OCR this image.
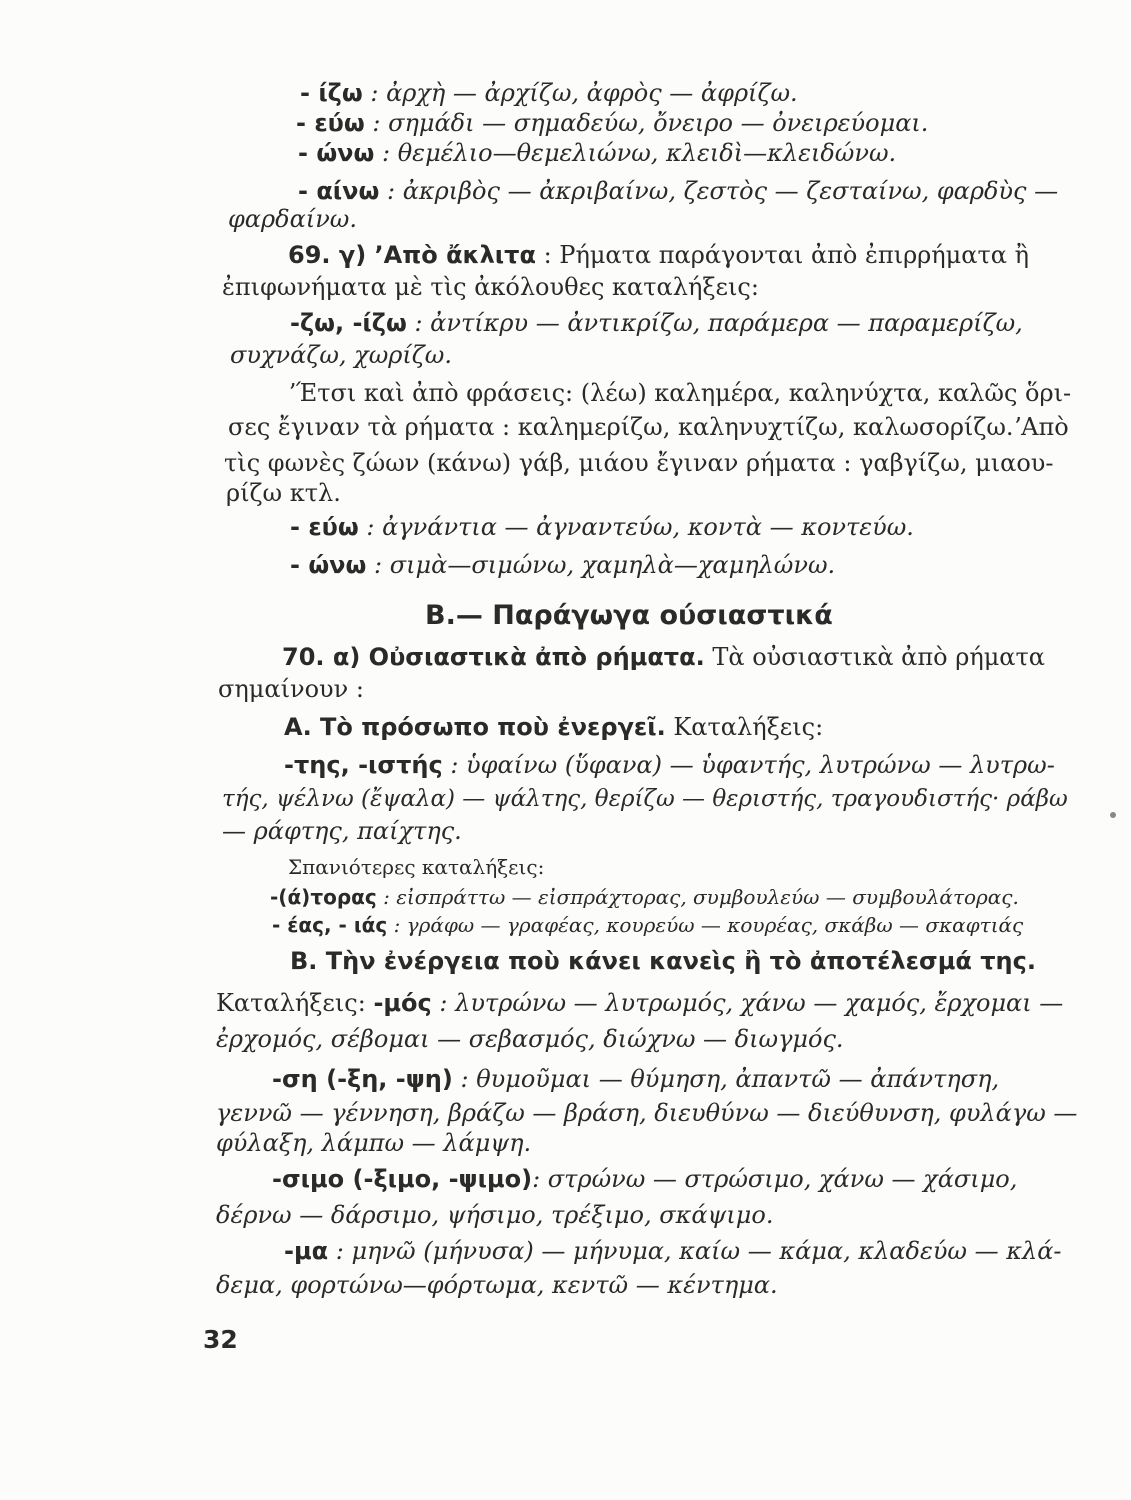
- ίζω : ἀρχὴ — ἀρχίζω, ἀφρὸς — ἀφρίζω.
- εύω : σημάδι — σημαδεύω, ὄνειρο — ὀνειρεύομαι.
- ώνω : θεμέλιο—θεμελιώνω, κλειδὶ—κλειδώνω.
- αίνω : ἀκριβὸς — ἀκριβαίνω, ζεστὸς — ζεσταίνω, φαρδὺς —
φαρδαίνω.
69. γ) ʼΑπὸ ἄκλιτα : Ρήματα παράγονται ἀπὸ ἐπιρρήματα ἢ
ἐπιφωνήματα μὲ τὶς ἀκόλουθες καταλήξεις:
-ζω, -ίζω : ἀντίκρυ — ἀντικρίζω, παράμερα — παραμερίζω,
συχνάζω, χωρίζω.
ʼΈτσι καὶ ἀπὸ φράσεις: (λέω) καλημέρα, καληνύχτα, καλῶς ὅρι-
σες ἔγιναν τὰ ρήματα : καλημερίζω, καληνυχτίζω, καλωσορίζω.ʼΑπὸ
τὶς φωνὲς ζώων (κάνω) γάβ, μιάου ἔγιναν ρήματα : γαβγίζω, μιαου-
ρίζω κτλ.
- εύω : ἀγνάντια — ἀγναντεύω, κοντὰ — κοντεύω.
- ώνω : σιμὰ—σιμώνω, χαμηλὰ—χαμηλώνω.
Β.— Παράγωγα ούσιαστικά
70. α) Οὐσιαστικὰ ἀπὸ ρήματα. Τὰ οὐσιαστικὰ ἀπὸ ρήματα
σημαίνουν :
Α. Τὸ πρόσωπο ποὺ ἐνεργεῖ. Καταλήξεις:
-της, -ιστής : ὑφαίνω (ὕφανα) — ὑφαντής, λυτρώνω — λυτρω-
τής, ψέλνω (ἔψαλα) — ψάλτης, θερίζω — θεριστής, τραγουδιστής· ράβω
— ράφτης, παίχτης.
Σπανιότερες καταλήξεις:
-(ά)τορας : εἰσπράττω — εἰσπράχτορας, συμβουλεύω — συμβουλάτορας.
- έας, - ιάς : γράφω — γραφέας, κουρεύω — κουρέας, σκάβω — σκαφτιάς
Β. Τὴν ἐνέργεια ποὺ κάνει κανεὶς ἢ τὸ ἀποτέλεσμά της.
Καταλήξεις: -μός : λυτρώνω — λυτρωμός, χάνω — χαμός, ἔρχομαι —
ἐρχομός, σέβομαι — σεβασμός, διώχνω — διωγμός.
-ση (-ξη, -ψη) : θυμοῦμαι — θύμηση, ἀπαντῶ — ἀπάντηση,
γεννῶ — γέννηση, βράζω — βράση, διευθύνω — διεύθυνση, φυλάγω —
φύλαξη, λάμπω — λάμψη.
-σιμο (-ξιμο, -ψιμο): στρώνω — στρώσιμο, χάνω — χάσιμο,
δέρνω — δάρσιμο, ψήσιμο, τρέξιμο, σκάψιμο.
-μα : μηνῶ (μήνυσα) — μήνυμα, καίω — κάμα, κλαδεύω — κλά-
δεμα, φορτώνω—φόρτωμα, κεντῶ — κέντημα.
32
